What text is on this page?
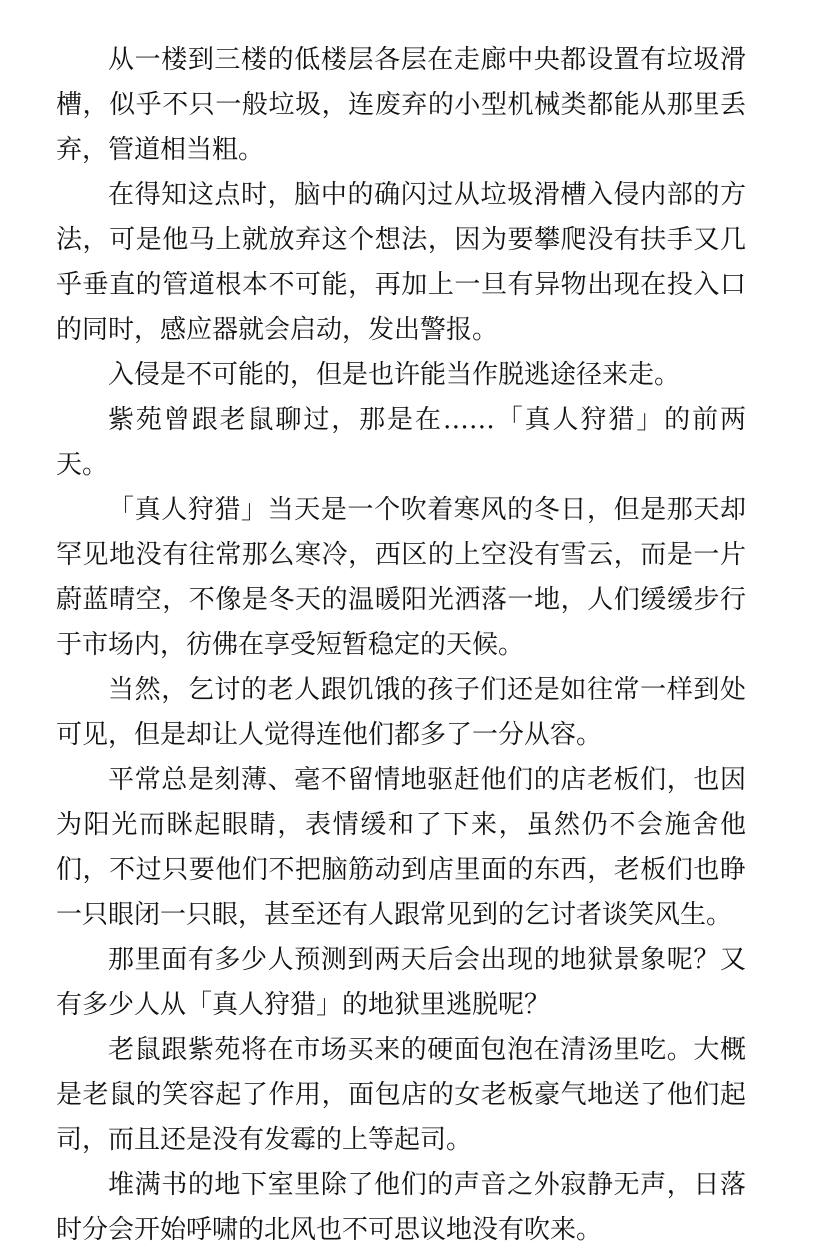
从一楼到三楼的低楼层各层在走廊中央都设置有垃圾滑槽，似乎不只一般垃圾，连废弃的小型机械类都能从那里丢弃，管道相当粗。

在得知这点时，脑中的确闪过从垃圾滑槽入侵内部的方法，可是他马上就放弃这个想法，因为要攀爬没有扶手又几乎垂直的管道根本不可能，再加上一旦有异物出现在投入口的同时，感应器就会启动，发出警报。

入侵是不可能的，但是也许能当作脱逃途径来走。

紫苑曾跟老鼠聊过，那是在……「真人狩猎」的前两天。

「真人狩猎」当天是一个吹着寒风的冬日，但是那天却罕见地没有往常那么寒冷，西区的上空没有雪云，而是一片蔚蓝晴空，不像是冬天的温暖阳光洒落一地，人们缓缓步行于市场内，彷佛在享受短暂稳定的天候。

当然，乞讨的老人跟饥饿的孩子们还是如往常一样到处可见，但是却让人觉得连他们都多了一分从容。

平常总是刻薄、毫不留情地驱赶他们的店老板们，也因为阳光而眯起眼睛，表情缓和了下来，虽然仍不会施舍他们，不过只要他们不把脑筋动到店里面的东西，老板们也睁一只眼闭一只眼，甚至还有人跟常见到的乞讨者谈笑风生。

那里面有多少人预测到两天后会出现的地狱景象呢？又有多少人从「真人狩猎」的地狱里逃脱呢？

老鼠跟紫苑将在市场买来的硬面包泡在清汤里吃。大概是老鼠的笑容起了作用，面包店的女老板豪气地送了他们起司，而且还是没有发霉的上等起司。

堆满书的地下室里除了他们的声音之外寂静无声，日落时分会开始呼啸的北风也不可思议地没有吹来。
